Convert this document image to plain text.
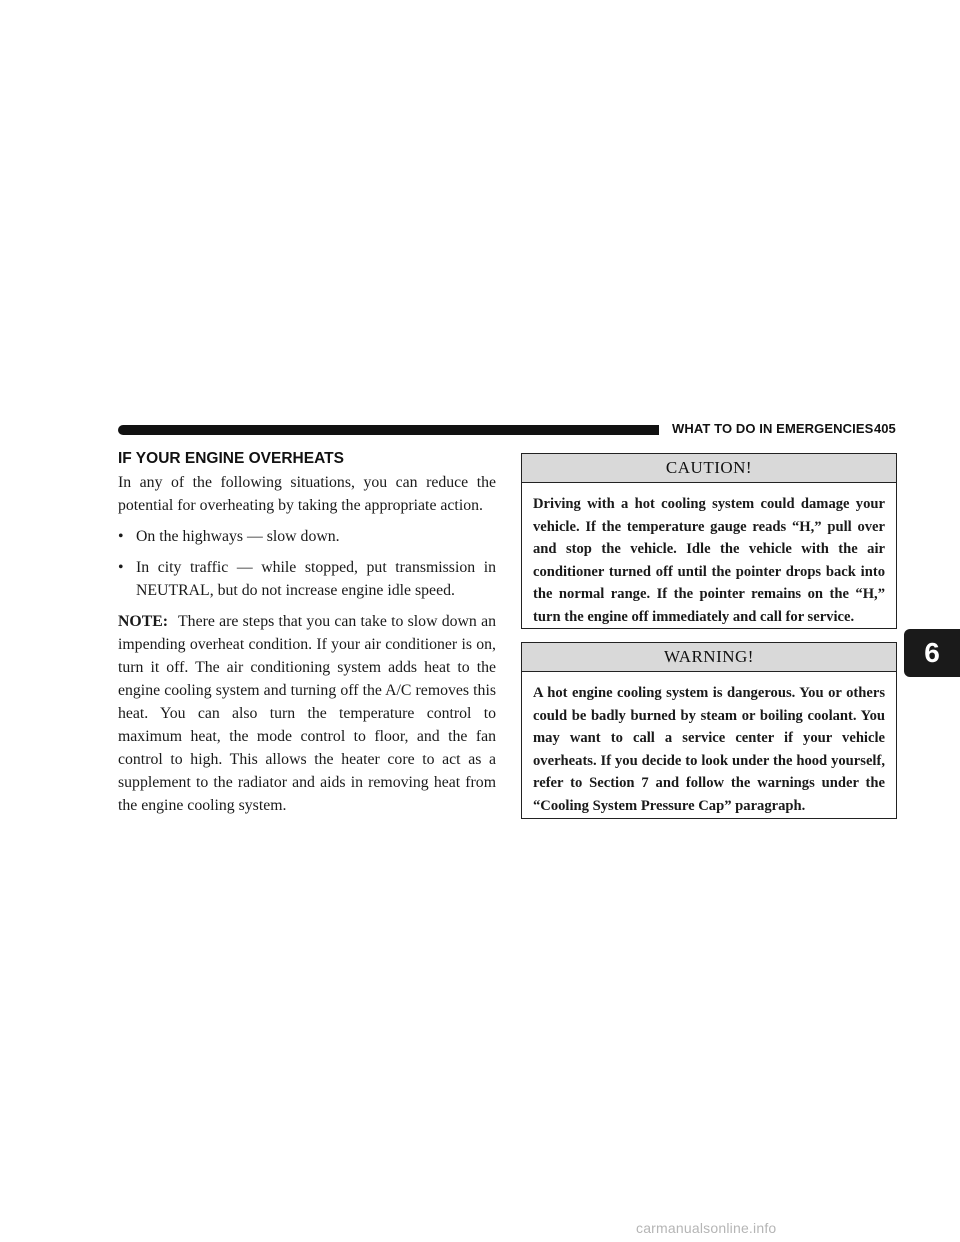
WHAT TO DO IN EMERGENCIES 405
IF YOUR ENGINE OVERHEATS

In any of the following situations, you can reduce the potential for overheating by taking the appropriate action.

• On the highways — slow down.
• In city traffic — while stopped, put transmission in NEUTRAL, but do not increase engine idle speed.

NOTE: There are steps that you can take to slow down an impending overheat condition. If your air conditioner is on, turn it off. The air conditioning system adds heat to the engine cooling system and turning off the A/C removes this heat. You can also turn the temperature control to maximum heat, the mode control to floor, and the fan control to high. This allows the heater core to act as a supplement to the radiator and aids in removing heat from the engine cooling system.

CAUTION!
Driving with a hot cooling system could damage your vehicle. If the temperature gauge reads “H,” pull over and stop the vehicle. Idle the vehicle with the air conditioner turned off until the pointer drops back into the normal range. If the pointer remains on the “H,” turn the engine off immediately and call for service.
WARNING!
A hot engine cooling system is dangerous. You or others could be badly burned by steam or boiling coolant. You may want to call a service center if your vehicle overheats. If you decide to look under the hood yourself, refer to Section 7 and follow the warnings under the “Cooling System Pressure Cap” paragraph.
6
carmanualsonline.info
